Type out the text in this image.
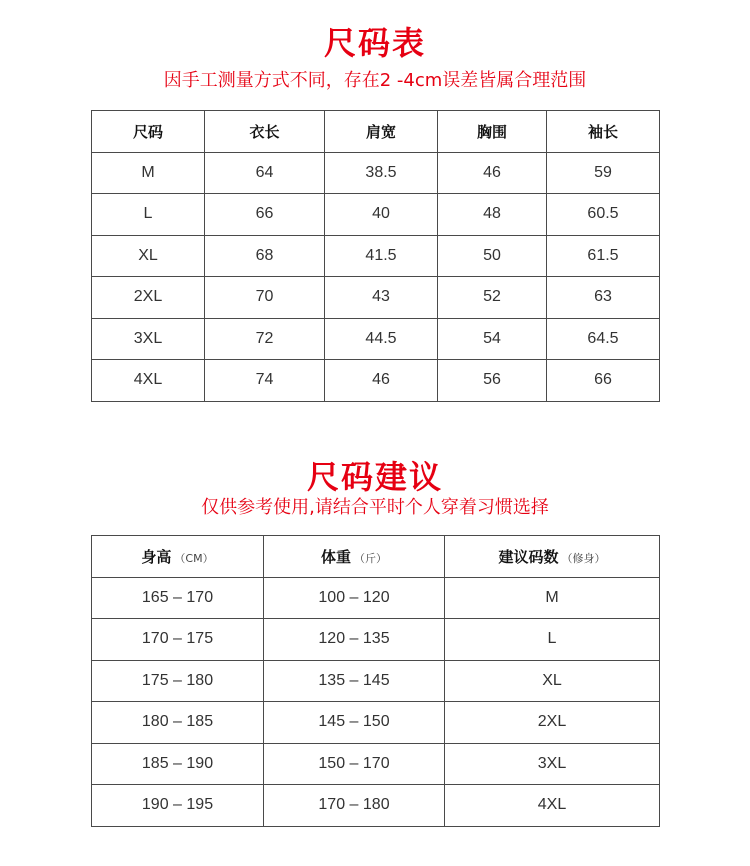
尺码表
因手工测量方式不同，存在2 -4cm误差皆属合理范围
尺码	衣长	肩宽	胸围	袖长
M	64	38.5	46	59
L	66	40	48	60.5
XL	68	41.5	50	61.5
2XL	70	43	52	63
3XL	72	44.5	54	64.5
4XL	74	46	56	66
尺码建议
仅供参考使用,请结合平时个人穿着习惯选择
身高 （CM）	体重 （斤）	建议码数 （修身）
165 – 170	100 – 120	M
170 – 175	120 – 135	L
175 – 180	135 – 145	XL
180 – 185	145 – 150	2XL
185 – 190	150 – 170	3XL
190 – 195	170 – 180	4XL
